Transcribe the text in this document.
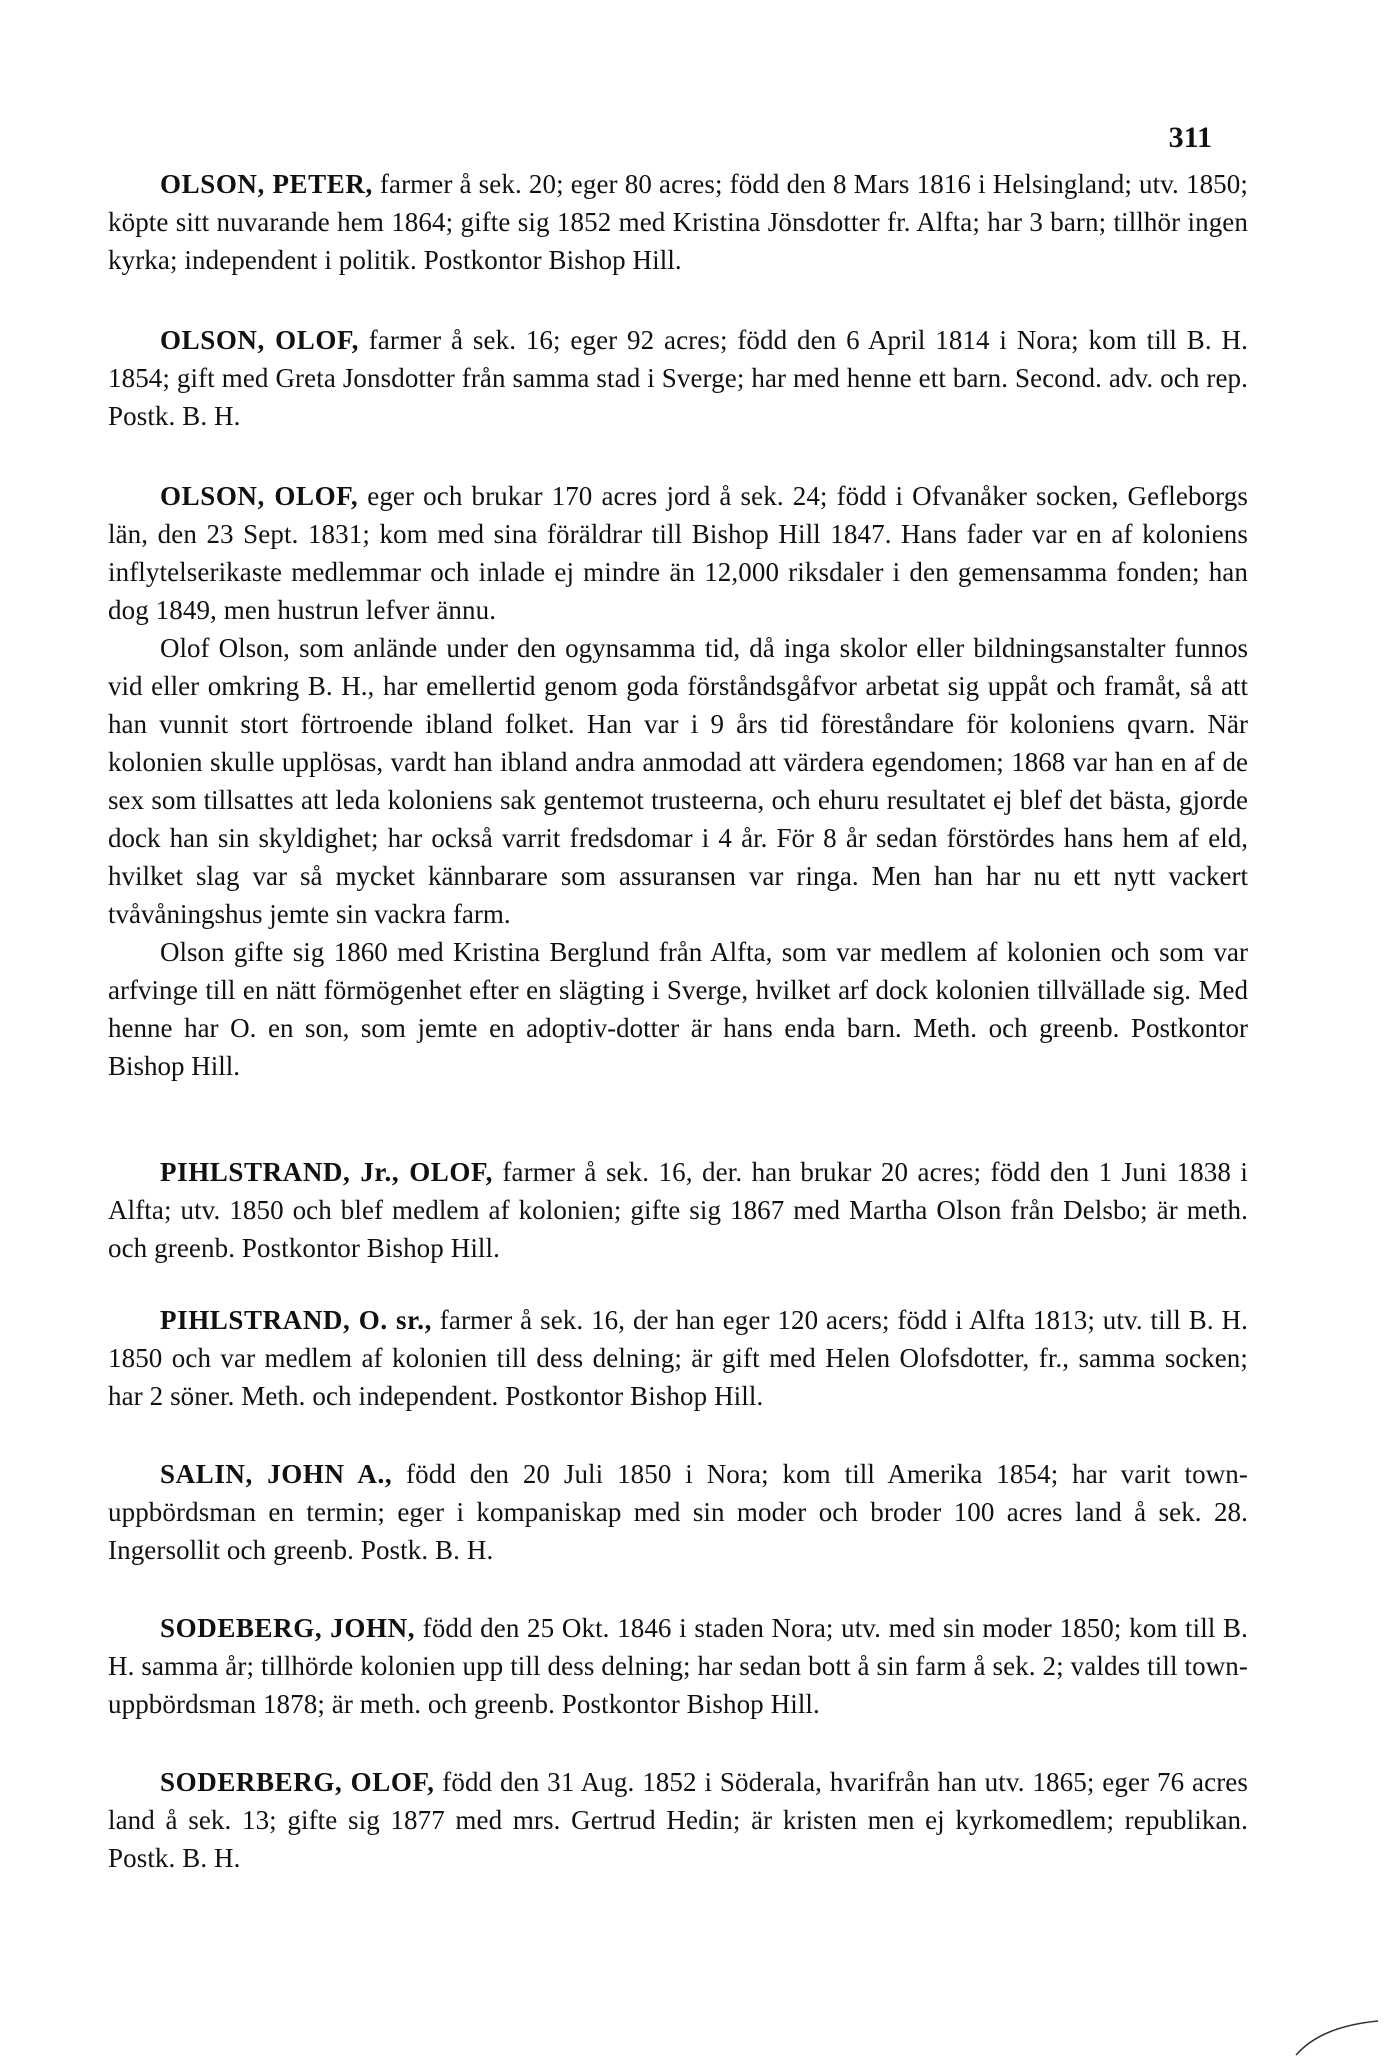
311

OLSON, PETER, farmer å sek. 20; eger 80 acres; född den 8 Mars 1816 i Helsingland; utv. 1850; köpte sitt nuvarande hem 1864; gifte sig 1852 med Kristina Jönsdotter fr. Alfta; har 3 barn; tillhör ingen kyrka; independent i politik. Postkontor Bishop Hill.

OLSON, OLOF, farmer å sek. 16; eger 92 acres; född den 6 April 1814 i Nora; kom till B. H. 1854; gift med Greta Jonsdotter från samma stad i Sverge; har med henne ett barn. Second. adv. och rep. Postk. B. H.

OLSON, OLOF, eger och brukar 170 acres jord å sek. 24; född i Ofvanåker socken, Gefleborgs län, den 23 Sept. 1831; kom med sina föräldrar till Bishop Hill 1847. Hans fader var en af koloniens inflytelserikaste medlemmar och inlade ej mindre än 12,000 riksdaler i den gemensamma fonden; han dog 1849, men hustrun lefver ännu.

Olof Olson, som anlände under den ogynsamma tid, då inga skolor eller bildningsanstalter funnos vid eller omkring B. H., har emellertid genom goda förståndsgåfvor arbetat sig uppåt och framåt, så att han vunnit stort förtroende ibland folket. Han var i 9 års tid föreståndare för koloniens qvarn. När kolonien skulle upplösas, vardt han ibland andra anmodad att värdera egendomen; 1868 var han en af de sex som tillsattes att leda koloniens sak gentemot trusteerna, och ehuru resultatet ej blef det bästa, gjorde dock han sin skyldighet; har också varrit fredsdomar i 4 år. För 8 år sedan förstördes hans hem af eld, hvilket slag var så mycket kännbarare som assuransen var ringa. Men han har nu ett nytt vackert tvåvåningshus jemte sin vackra farm.

Olson gifte sig 1860 med Kristina Berglund från Alfta, som var medlem af kolonien och som var arfvinge till en nätt förmögenhet efter en slägting i Sverge, hvilket arf dock kolonien tillvällade sig. Med henne har O. en son, som jemte en adoptiv-dotter är hans enda barn. Meth. och greenb. Postkontor Bishop Hill.

PIHLSTRAND, Jr., OLOF, farmer å sek. 16, der. han brukar 20 acres; född den 1 Juni 1838 i Alfta; utv. 1850 och blef medlem af kolonien; gifte sig 1867 med Martha Olson från Delsbo; är meth. och greenb. Postkontor Bishop Hill.

PIHLSTRAND, O. sr., farmer å sek. 16, der han eger 120 acers; född i Alfta 1813; utv. till B. H. 1850 och var medlem af kolonien till dess delning; är gift med Helen Olofsdotter, fr., samma socken; har 2 söner. Meth. och independent. Postkontor Bishop Hill.

SALIN, JOHN A., född den 20 Juli 1850 i Nora; kom till Amerika 1854; har varit town-uppbördsman en termin; eger i kompaniskap med sin moder och broder 100 acres land å sek. 28. Ingersollit och greenb. Postk. B. H.

SODEBERG, JOHN, född den 25 Okt. 1846 i staden Nora; utv. med sin moder 1850; kom till B. H. samma år; tillhörde kolonien upp till dess delning; har sedan bott å sin farm å sek. 2; valdes till town-uppbördsman 1878; är meth. och greenb. Postkontor Bishop Hill.

SODERBERG, OLOF, född den 31 Aug. 1852 i Söderala, hvarifrån han utv. 1865; eger 76 acres land å sek. 13; gifte sig 1877 med mrs. Gertrud Hedin; är kristen men ej kyrkomedlem; republikan. Postk. B. H.
